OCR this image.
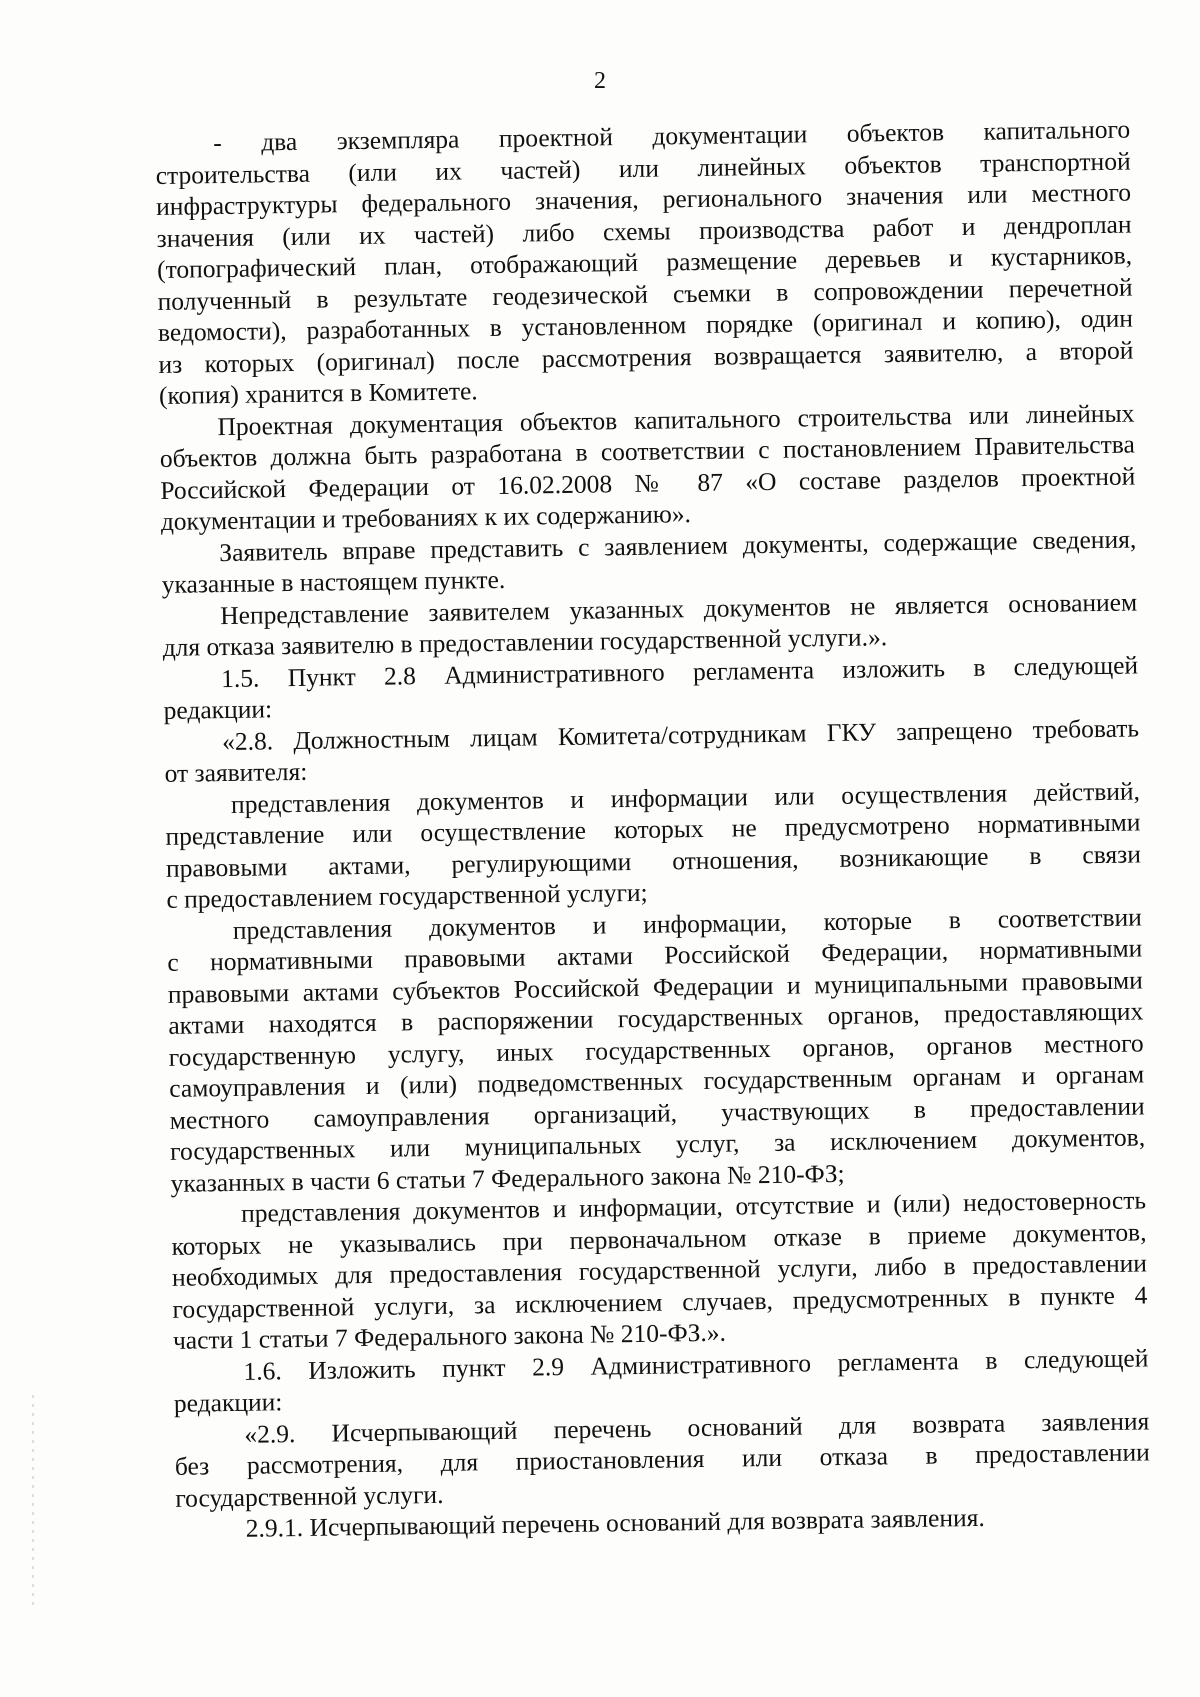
2
- два экземпляра проектной документации объектов капитального
строительства (или их частей) или линейных объектов транспортной
инфраструктуры федерального значения, регионального значения или местного
значения (или их частей) либо схемы производства работ и дендроплан
(топографический план, отображающий размещение деревьев и кустарников,
полученный в результате геодезической съемки в сопровождении перечетной
ведомости), разработанных в установленном порядке (оригинал и копию), один
из которых (оригинал) после рассмотрения возвращается заявителю, а второй
(копия) хранится в Комитете.
Проектная документация объектов капитального строительства или линейных
объектов должна быть разработана в соответствии с постановлением Правительства
Российской Федерации от 16.02.2008 № 87 «О составе разделов проектной
документации и требованиях к их содержанию».
Заявитель вправе представить с заявлением документы, содержащие сведения,
указанные в настоящем пункте.
Непредставление заявителем указанных документов не является основанием
для отказа заявителю в предоставлении государственной услуги.».
1.5. Пункт 2.8 Административного регламента изложить в следующей
редакции:
«2.8. Должностным лицам Комитета/сотрудникам ГКУ запрещено требовать
от заявителя:
представления документов и информации или осуществления действий,
представление или осуществление которых не предусмотрено нормативными
правовыми актами, регулирующими отношения, возникающие в связи
с предоставлением государственной услуги;
представления документов и информации, которые в соответствии
с нормативными правовыми актами Российской Федерации, нормативными
правовыми актами субъектов Российской Федерации и муниципальными правовыми
актами находятся в распоряжении государственных органов, предоставляющих
государственную услугу, иных государственных органов, органов местного
самоуправления и (или) подведомственных государственным органам и органам
местного самоуправления организаций, участвующих в предоставлении
государственных или муниципальных услуг, за исключением документов,
указанных в части 6 статьи 7 Федерального закона № 210-ФЗ;
представления документов и информации, отсутствие и (или) недостоверность
которых не указывались при первоначальном отказе в приеме документов,
необходимых для предоставления государственной услуги, либо в предоставлении
государственной услуги, за исключением случаев, предусмотренных в пункте 4
части 1 статьи 7 Федерального закона № 210-ФЗ.».
1.6. Изложить пункт 2.9 Административного регламента в следующей
редакции:
«2.9. Исчерпывающий перечень оснований для возврата заявления
без рассмотрения, для приостановления или отказа в предоставлении
государственной услуги.
2.9.1. Исчерпывающий перечень оснований для возврата заявления.
